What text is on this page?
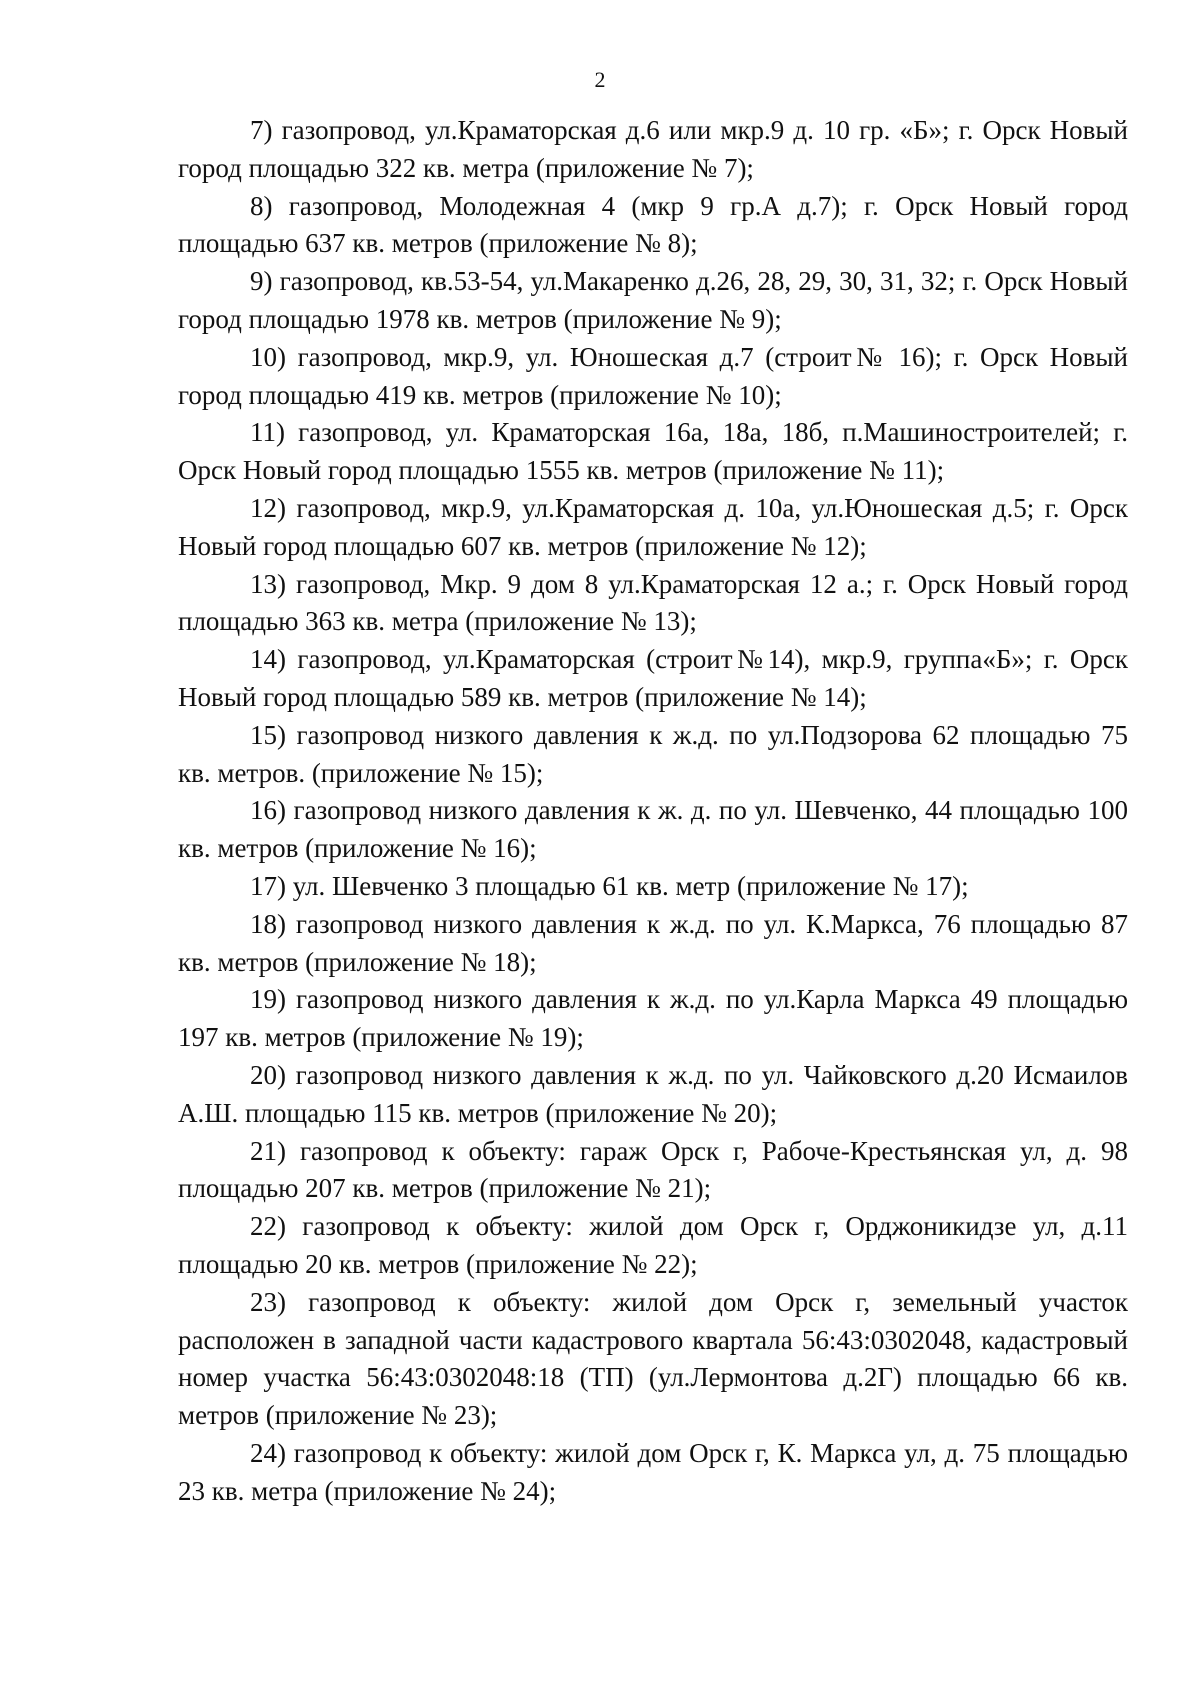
2

7) газопровод, ул.Краматорская д.6 или мкр.9 д. 10 гр. «Б»; г. Орск Новый город площадью 322 кв. метра (приложение № 7);

8) газопровод, Молодежная 4 (мкр 9 гр.А д.7); г. Орск Новый город площадью 637 кв. метров (приложение № 8);

9) газопровод, кв.53-54, ул.Макаренко д.26, 28, 29, 30, 31, 32; г. Орск Новый город площадью 1978 кв. метров (приложение № 9);

10) газопровод, мкр.9, ул. Юношеская д.7 (строит№ 16); г. Орск Новый город площадью 419 кв. метров (приложение № 10);

11) газопровод, ул. Краматорская 16а, 18а, 18б, п.Машиностроителей; г. Орск Новый город площадью 1555 кв. метров (приложение № 11);

12) газопровод, мкр.9, ул.Краматорская д. 10а, ул.Юношеская д.5; г. Орск Новый город площадью 607 кв. метров (приложение № 12);

13) газопровод, Мкр. 9 дом 8 ул.Краматорская 12 а.; г. Орск Новый город площадью 363 кв. метра (приложение № 13);

14) газопровод, ул.Краматорская (строит№14), мкр.9, группа«Б»; г. Орск Новый город площадью 589 кв. метров (приложение № 14);

15) газопровод низкого давления к ж.д. по ул.Подзорова 62 площадью 75 кв. метров. (приложение № 15);

16) газопровод низкого давления к ж. д. по ул. Шевченко, 44 площадью 100 кв. метров (приложение № 16);

17) ул. Шевченко 3 площадью 61 кв. метр (приложение № 17);

18) газопровод низкого давления к ж.д. по ул. К.Маркса, 76 площадью 87 кв. метров (приложение № 18);

19) газопровод низкого давления к ж.д. по ул.Карла Маркса 49 площадью 197 кв. метров (приложение № 19);

20) газопровод низкого давления к ж.д. по ул. Чайковского д.20 Исмаилов А.Ш. площадью 115 кв. метров (приложение № 20);

21) газопровод к объекту: гараж Орск г, Рабоче-Крестьянская ул, д. 98 площадью 207 кв. метров (приложение № 21);

22) газопровод к объекту: жилой дом Орск г, Орджоникидзе ул, д.11 площадью 20 кв. метров (приложение № 22);

23) газопровод к объекту: жилой дом Орск г, земельный участок расположен в западной части кадастрового квартала 56:43:0302048, кадастровый номер участка 56:43:0302048:18 (ТП) (ул.Лермонтова д.2Г) площадью 66 кв. метров (приложение № 23);

24) газопровод к объекту: жилой дом Орск г, К. Маркса ул, д. 75 площадью 23 кв. метра (приложение № 24);
